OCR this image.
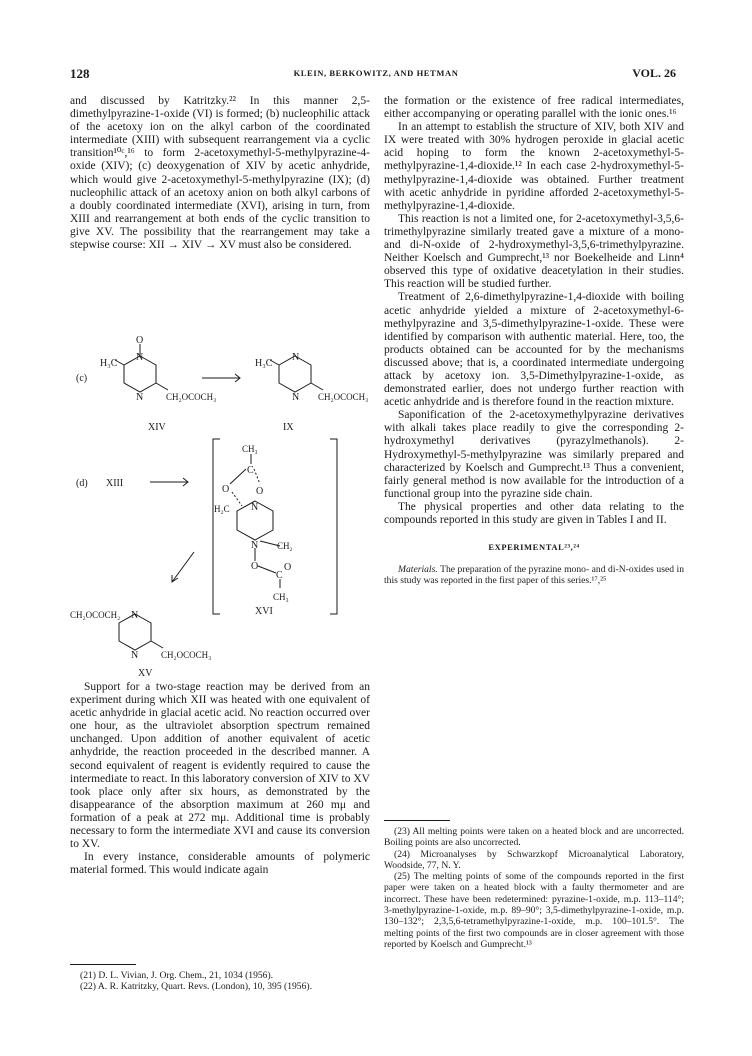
128	KLEIN, BERKOWITZ, AND HETMAN	VOL. 26

and discussed by Katritzky.²² In this manner 2,5-dimethylpyrazine-1-oxide (VI) is formed; (b) nucleophilic attack of the acetoxy ion on the alkyl carbon of the coordinated intermediate (XIII) with subsequent rearrangement via a cyclic transition¹⁰ᶜ,¹⁶ to form 2-acetoxymethyl-5-methylpyrazine-4-oxide (XIV); (c) deoxygenation of XIV by acetic anhydride, which would give 2-acetoxymethyl-5-methylpyrazine (IX); (d) nucleophilic attack of an acetoxy anion on both alkyl carbons of a doubly coordinated intermediate (XVI), arising in turn, from XIII and rearrangement at both ends of the cyclic transition to give XV. The possibility that the rearrangement may take a stepwise course: XII → XIV → XV must also be considered.

(c)
O
H₃C
N
N	CH₂OCOCH₃
H₃C
N
N CH₂OCOCH₃
XIV	IX
(d) XIII
CH₃
C
O	O
H₂C N
N CH₂
O
C
O
CH₃
XVI
CH₂OCOCH₂ N
N	CH₂OCOCH₃
XV

Support for a two-stage reaction may be derived from an experiment during which XII was heated with one equivalent of acetic anhydride in glacial acetic acid. No reaction occurred over one hour, as the ultraviolet absorption spectrum remained unchanged. Upon addition of another equivalent of acetic anhydride, the reaction proceeded in the described manner. A second equivalent of reagent is evidently required to cause the intermediate to react. In this laboratory conversion of XIV to XV took place only after six hours, as demonstrated by the disappearance of the absorption maximum at 260 mμ and formation of a peak at 272 mμ. Additional time is probably necessary to form the intermediate XVI and cause its conversion to XV.

In every instance, considerable amounts of polymeric material formed. This would indicate again

(21) D. L. Vivian, J. Org. Chem., 21, 1034 (1956).

(22) A. R. Katritzky, Quart. Revs. (London), 10, 395 (1956).

the formation or the existence of free radical intermediates, either accompanying or operating parallel with the ionic ones.¹⁶

In an attempt to establish the structure of XIV, both XIV and IX were treated with 30% hydrogen peroxide in glacial acetic acid hoping to form the known 2-acetoxymethyl-5-methylpyrazine-1,4-dioxide.¹² In each case 2-hydroxymethyl-5-methylpyrazine-1,4-dioxide was obtained. Further treatment with acetic anhydride in pyridine afforded 2-acetoxymethyl-5-methylpyrazine-1,4-dioxide.

This reaction is not a limited one, for 2-acetoxymethyl-3,5,6-trimethylpyrazine similarly treated gave a mixture of a mono- and di-N-oxide of 2-hydroxymethyl-3,5,6-trimethylpyrazine. Neither Koelsch and Gumprecht,¹³ nor Boekelheide and Linn⁴ observed this type of oxidative deacetylation in their studies. This reaction will be studied further.

Treatment of 2,6-dimethylpyrazine-1,4-dioxide with boiling acetic anhydride yielded a mixture of 2-acetoxymethyl-6-methylpyrazine and 3,5-dimethylpyrazine-1-oxide. These were identified by comparison with authentic material. Here, too, the products obtained can be accounted for by the mechanisms discussed above; that is, a coordinated intermediate undergoing attack by acetoxy ion. 3,5-Dimethylpyrazine-1-oxide, as demonstrated earlier, does not undergo further reaction with acetic anhydride and is therefore found in the reaction mixture.

Saponification of the 2-acetoxymethylpyrazine derivatives with alkali takes place readily to give the corresponding 2-hydroxymethyl derivatives (pyrazylmethanols). 2-Hydroxymethyl-5-methylpyrazine was similarly prepared and characterized by Koelsch and Gumprecht.¹³ Thus a convenient, fairly general method is now available for the introduction of a functional group into the pyrazine side chain.

The physical properties and other data relating to the compounds reported in this study are given in Tables I and II.

EXPERIMENTAL²³,²⁴

Materials. The preparation of the pyrazine mono- and di-N-oxides used in this study was reported in the first paper of this series.¹⁷,²⁵

(23) All melting points were taken on a heated block and are uncorrected. Boiling points are also uncorrected.

(24) Microanalyses by Schwarzkopf Microanalytical Laboratory, Woodside, 77, N. Y.

(25) The melting points of some of the compounds reported in the first paper were taken on a heated block with a faulty thermometer and are incorrect. These have been redetermined: pyrazine-1-oxide, m.p. 113–114°; 3-methylpyrazine-1-oxide, m.p. 89–90°; 3,5-dimethylpyrazine-1-oxide, m.p. 130–132°; 2,3,5,6-tetramethylpyrazine-1-oxide, m.p. 100–101.5°. The melting points of the first two compounds are in closer agreement with those reported by Koelsch and Gumprecht.¹³
